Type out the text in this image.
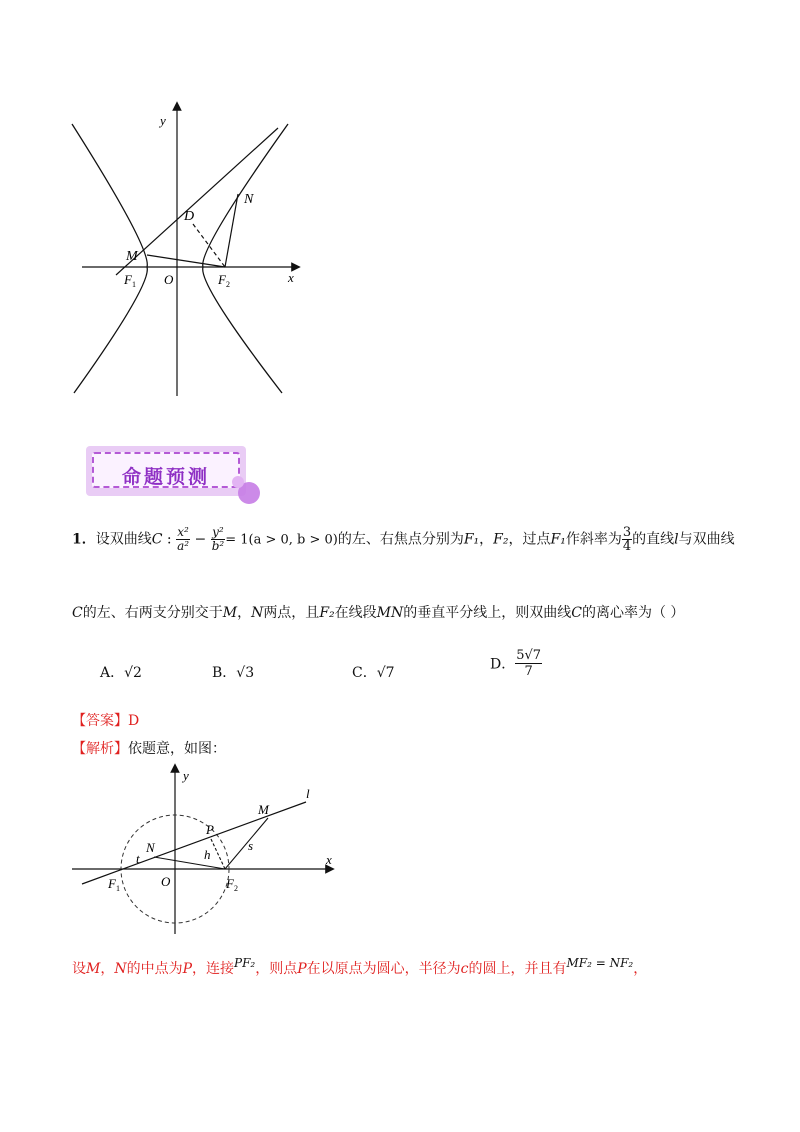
y
x
O
M
N
D
$F_1$	$F_2$
命题预测
1．设双曲线C : $\frac{\text{x²}}{\text{a²}} - \frac{\text{y²}}{\text{b²}} = 1(a > 0$, b > 0)的左、右焦点分别为F₁，F₂，过点F₁作斜率为 $\frac{3}{4}$ 的直线l与双曲线
C的左、右两支分别交于M，N两点，且F₂在线段MN的垂直平分线上，则双曲线C的离心率为（ ）
A．√2	B．√3	C．√7
D． $\frac{5√7}{7}$
【答案】D
【解析】依题意，如图：
y
x
O
l
M
N
P
t	h
s
$F_1$	$F_2$
设M，N的中点为P，连接PF₂，则点P在以原点为圆心，半径为c的圆上，并且有MF₂ = NF₂，
